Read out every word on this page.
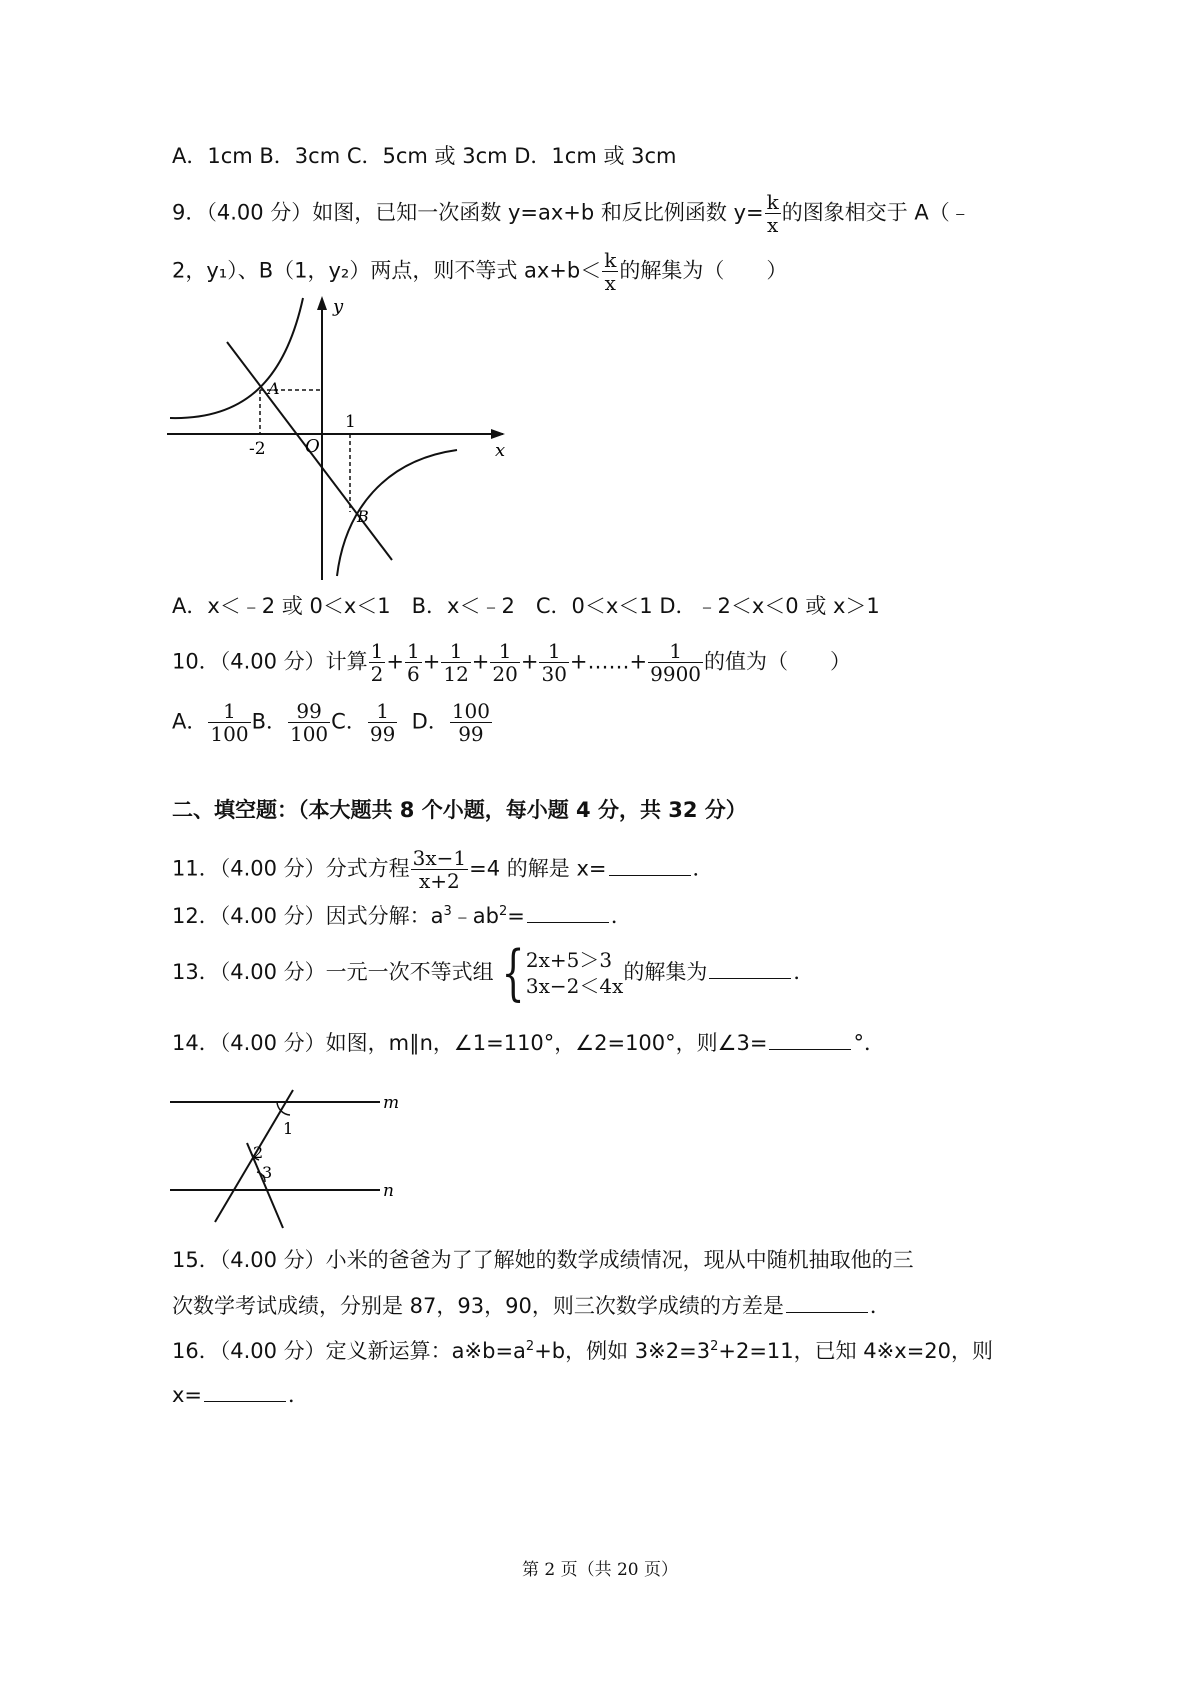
A．1cm B．3cm C．5cm 或 3cm D．1cm 或 3cm
9．（4.00 分）如图，已知一次函数 y=ax+b 和反比例函数 $y= \frac{k}{x}$ 的图象相交于 A（﹣
2，y₁）、B（1，y₂）两点，则不等式 $ax+b< \frac{k}{x}$ 的解集为（　　）
y
x
O
A
B
-2
1
A．x＜﹣2 或 0＜x＜1　B．x＜﹣2　C．0＜x＜1 D．﹣2＜x＜0 或 x＞1
10．（4.00 分）计算 $\frac{1}{2} + \frac{1}{6} + \frac{1}{12} + \frac{1}{20} + \frac{1}{30}$ +……+ $\frac{1}{9900}$ 的值为（　　）
A． $\frac{1}{100}$ B． $\frac{99}{100}$ C． $\frac{1}{99}$ D． $\frac{100}{99}$
二、填空题：（本大题共 8 个小题，每小题 4 分，共 32 分）
11．（4.00 分）分式方程 $\frac{3x-1}{x+2} =4$ 的解是 x=	．
12．（4.00 分）因式分解：$a^3﹣ab^2=$	．
13．（4.00 分）一元一次不等式组 { 2x+5＞3
3x−2＜4x
的解集为	．
14．（4.00 分）如图，m∥n，∠1=110°，∠2=100°，则∠3=	°．
m
n
1
2
3
15．（4.00 分）小米的爸爸为了了解她的数学成绩情况，现从中随机抽取他的三
次数学考试成绩，分别是 87，93，90，则三次数学成绩的方差是	．
16．（4.00 分）定义新运算：$a※b=a^2+b$，例如 $3※2=3^2+2=11$，已知 4※x=20，则
x=	．
第 2 页（共 20 页）
